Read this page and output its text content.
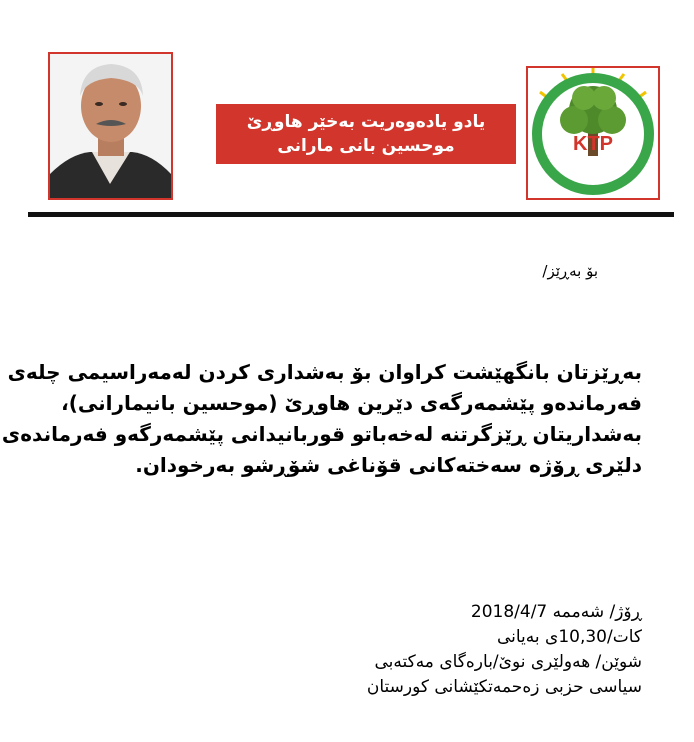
یادو یادەوەریت بەخێر هاوڕێ
موحسین بانی مارانی	KTP
حزبی زەحمەتکێشانی کوردستان
بۆ بەڕێز/
بەڕێزتان بانگهێشت کراوان بۆ بەشداری کردن لەمەراسیمی چلەی
فەرماندەو پێشمەرگەی دێرین هاوڕێ (موحسین بانیمارانی)،
بەشداریتان ڕێزگرتنە لەخەباتو قوربانیدانی پێشمەرگەو فەرماندەی
دلێری ڕۆژە سەختەکانی قۆناغی شۆڕشو بەرخودان.
ڕۆژ/ شەممە 2018/4/7
کات/10,30ی بەیانی
شوێن/ هەولێری نوێ/بارەگای مەکتەبی
سیاسی حزبی زەحمەتکێشانی کورستان
